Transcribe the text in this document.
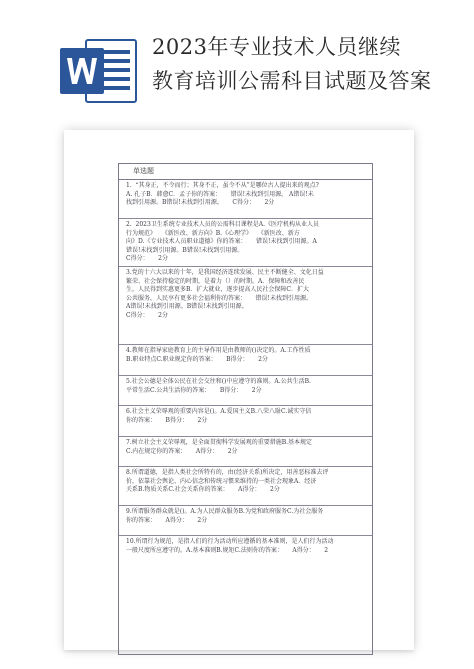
2023年专业技术人员继续
教育培训公需科目试题及答案
单选题
1.  “其身正，不令而行；其身不正，虽令不从”是哪位古人提出来的观点?
A. 孔子B．韩愈C．孟子你的答案：     错误!未找到引用源。 A错误!未
找到引用源。B错误!未找到引用源。     C得分：     2分
2.  2023卫生系统专业技术人员的公需科目课程是A.《医疗机构从业人员
行为规范》   《新医改、新方向》B.《心理学》   《新医改、新方
向》D.《专业技术人员职业道德》你的答案：     错误!未找到引用源。A
错误!未找到引用源。B错误!未找到引用源。
C得分：     2分
3.党的十六大以来的十年，是我国经济连续发展、民主不断健全、文化日益
繁荣、社会保持稳定的时期，是着力（）的时期。A．保障和改善民
生，人民得到实惠更多B．扩大就业，逐步提高人民社会保障C．扩大
公共服务，人民享有更多社会福利你的答案：     错误!未找到引用源。
A错误!未找到引用源。B错误!未找到引用源。
C得分：     2分
4.教师在指导家庭教育上的主导作用是由教师的()决定的。A.工作性质
B.职业特点C.职业规定你的答案：     B得分：     2分
5.社会公德是全体公民在社会交往和()中应遵守的准则。A.公共生活B.
平常生活C.公共生活你的答案：     B得分：     2分
6.社会主义荣辱观的重要内容是()。A.爱国主义B.八荣八耻C.诚实守信
你的答案：     B得分：     2分
7.树立社会主义荣辱观，是全面贯彻科学发展观的重要措施B.基本规定
C.内在规定你的答案：     A得分：     2分
8.所谓道德，是指人类社会所特有的，由(经济关系)所决定，用善恶标准去评
价，依靠社会舆论、内心信念和传统习惯来维持的一类社会现象A．经济
关系B.物质关系C.社会关系你的答案：     A得分：     2分
9.所谓服务群众就是()。A.为人民群众服务B.为党和政府服务C.为社会服务
你的答案：     A得分：     2分
10.所谓行为规范，是指人们的行为活动所应遵循的基本准则，是人们行为活动
一般尺度所应遵守的。A.基本准则B.规矩C.法则你的答案：     A得分：     2
